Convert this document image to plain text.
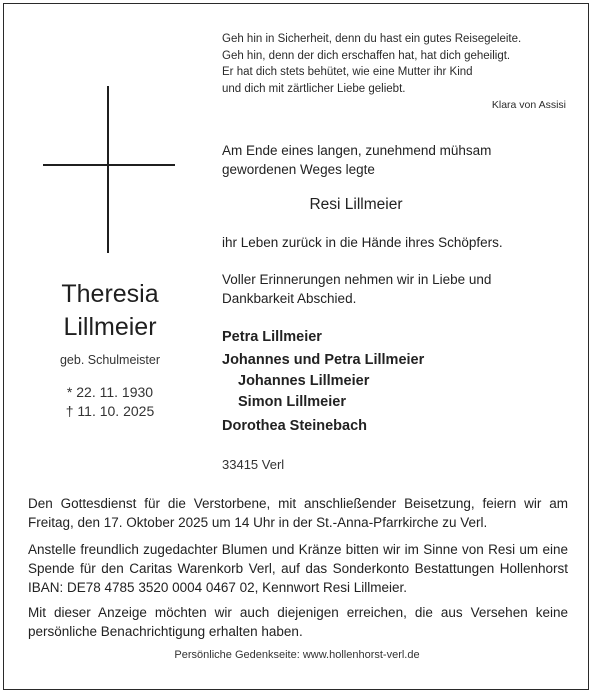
Geh hin in Sicherheit, denn du hast ein gutes Reisegeleite.
Geh hin, denn der dich erschaffen hat, hat dich geheiligt.
Er hat dich stets behütet, wie eine Mutter ihr Kind
und dich mit zärtlicher Liebe geliebt.
Klara von Assisi
Theresia
Lillmeier
geb. Schulmeister
* 22. 11. 1930
† 11. 10. 2025
Am Ende eines langen, zunehmend mühsam
gewordenen Weges legte
Resi Lillmeier
ihr Leben zurück in die Hände ihres Schöpfers.
Voller Erinnerungen nehmen wir in Liebe und
Dankbarkeit Abschied.
Petra Lillmeier
Johannes und Petra Lillmeier
Johannes Lillmeier
Simon Lillmeier
Dorothea Steinebach
33415 Verl
Den Gottesdienst für die Verstorbene, mit anschließender Beisetzung, feiern wir am Freitag, den 17. Oktober 2025 um 14 Uhr in der St.-Anna-Pfarrkirche zu Verl.
Anstelle freundlich zugedachter Blumen und Kränze bitten wir im Sinne von Resi um eine Spende für den Caritas Warenkorb Verl, auf das Sonderkonto Bestattungen Hollenhorst IBAN: DE78 4785 3520 0004 0467 02, Kennwort Resi Lillmeier.
Mit dieser Anzeige möchten wir auch diejenigen erreichen, die aus Versehen keine persönliche Benachrichtigung erhalten haben.
Persönliche Gedenkseite: www.hollenhorst-verl.de
